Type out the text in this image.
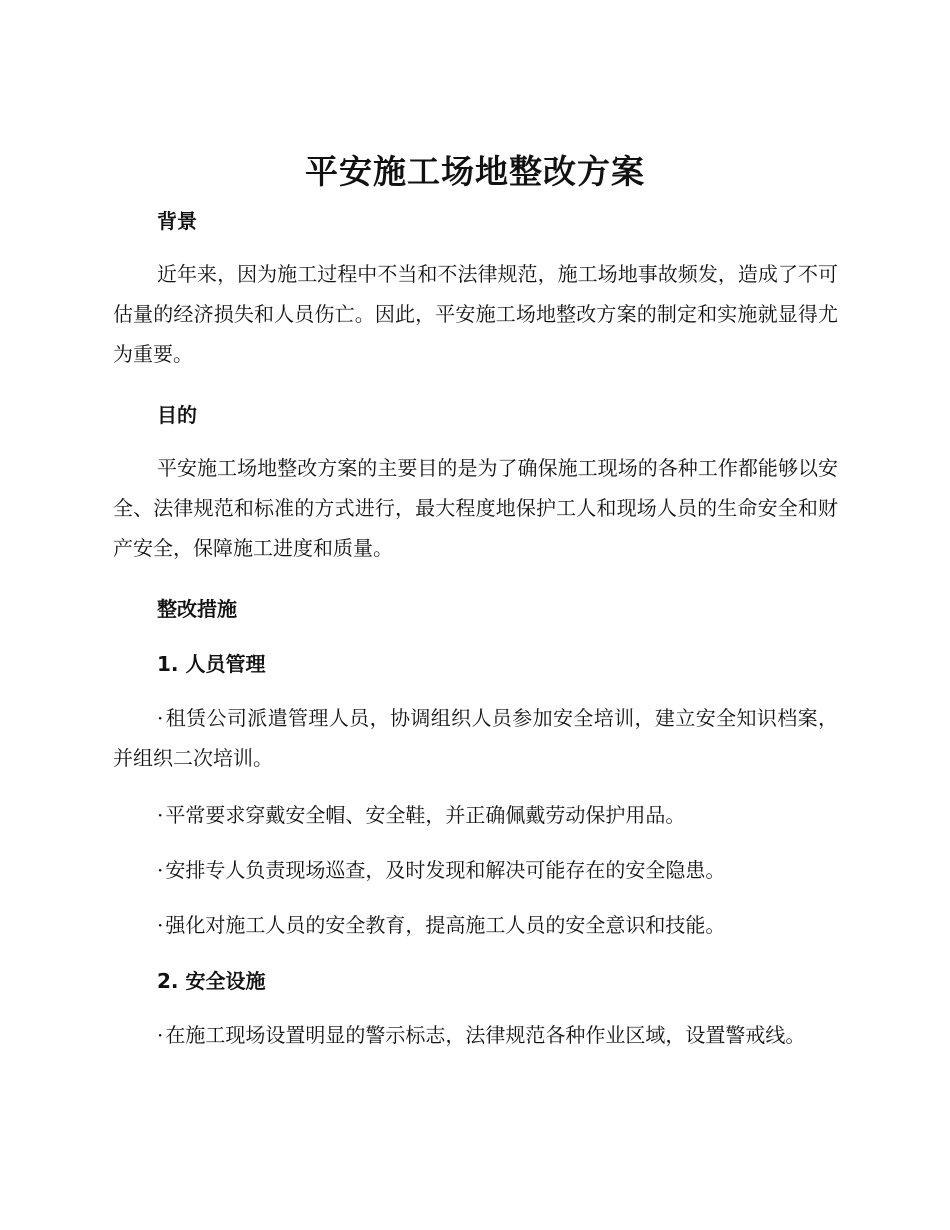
平安施工场地整改方案
背景
近年来，因为施工过程中不当和不法律规范，施工场地事故频发，造成了不可估量的经济损失和人员伤亡。因此，平安施工场地整改方案的制定和实施就显得尤为重要。
目的
平安施工场地整改方案的主要目的是为了确保施工现场的各种工作都能够以安全、法律规范和标准的方式进行，最大程度地保护工人和现场人员的生命安全和财产安全，保障施工进度和质量。
整改措施
1. 人员管理
· 租赁公司派遣管理人员，协调组织人员参加安全培训，建立安全知识档案，并组织二次培训。
· 平常要求穿戴安全帽、安全鞋，并正确佩戴劳动保护用品。
· 安排专人负责现场巡查，及时发现和解决可能存在的安全隐患。
· 强化对施工人员的安全教育，提高施工人员的安全意识和技能。
2. 安全设施
· 在施工现场设置明显的警示标志，法律规范各种作业区域，设置警戒线。
